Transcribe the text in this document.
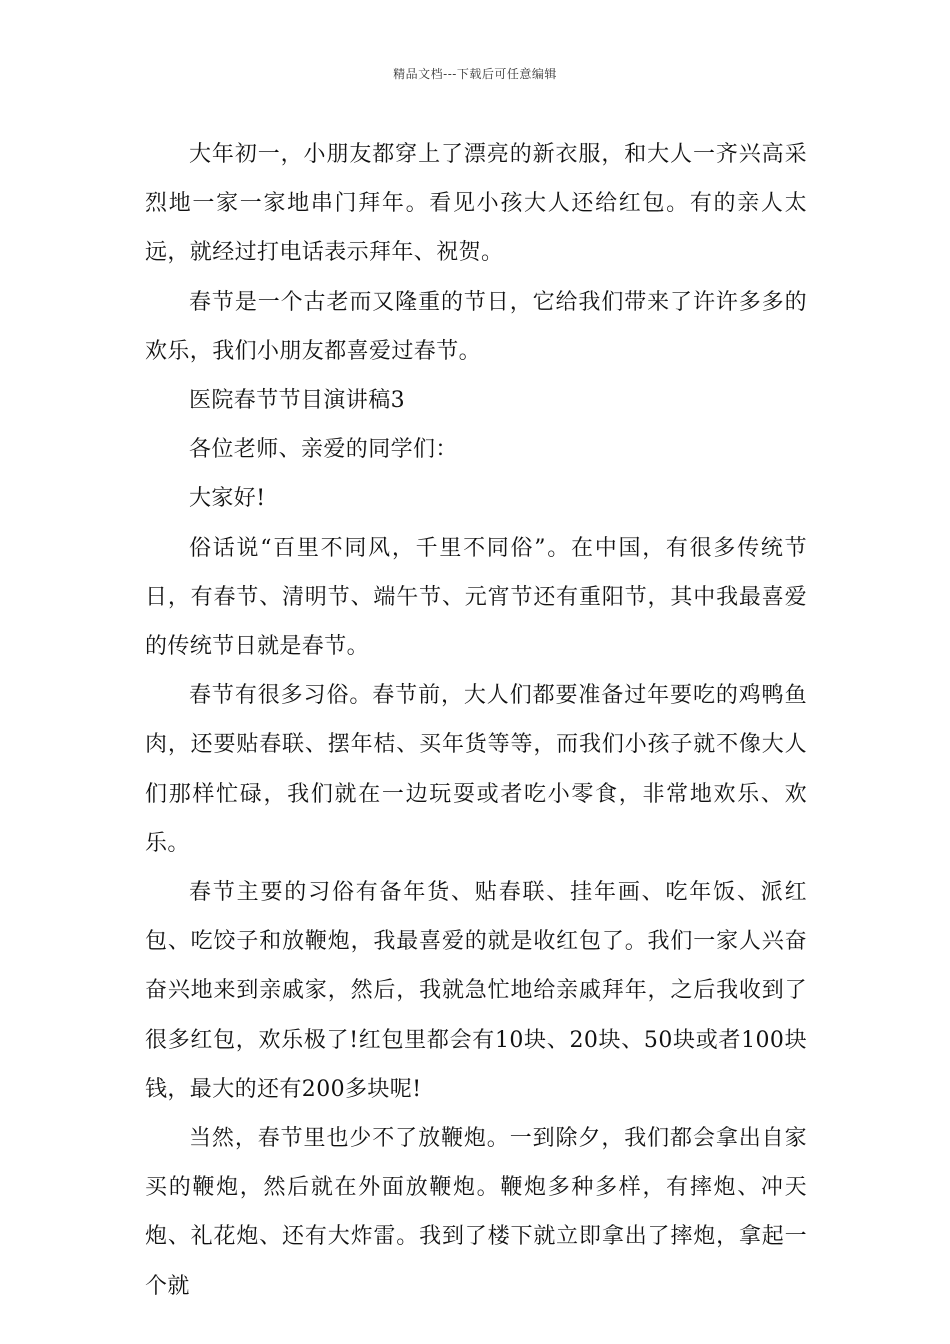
精品文档---下载后可任意编辑

大年初一，小朋友都穿上了漂亮的新衣服，和大人一齐兴高采烈地一家一家地串门拜年。看见小孩大人还给红包。有的亲人太远，就经过打电话表示拜年、祝贺。

春节是一个古老而又隆重的节日，它给我们带来了许许多多的欢乐，我们小朋友都喜爱过春节。

医院春节节目演讲稿3

各位老师、亲爱的同学们：

大家好!

俗话说“百里不同风，千里不同俗”。在中国，有很多传统节日，有春节、清明节、端午节、元宵节还有重阳节，其中我最喜爱的传统节日就是春节。

春节有很多习俗。春节前，大人们都要准备过年要吃的鸡鸭鱼肉，还要贴春联、摆年桔、买年货等等，而我们小孩子就不像大人们那样忙碌，我们就在一边玩耍或者吃小零食，非常地欢乐、欢乐。

春节主要的习俗有备年货、贴春联、挂年画、吃年饭、派红包、吃饺子和放鞭炮，我最喜爱的就是收红包了。我们一家人兴奋奋兴地来到亲戚家，然后，我就急忙地给亲戚拜年，之后我收到了很多红包，欢乐极了!红包里都会有10块、20块、50块或者100块钱，最大的还有200多块呢!

当然，春节里也少不了放鞭炮。一到除夕，我们都会拿出自家买的鞭炮，然后就在外面放鞭炮。鞭炮多种多样，有摔炮、冲天炮、礼花炮、还有大炸雷。我到了楼下就立即拿出了摔炮，拿起一个就
